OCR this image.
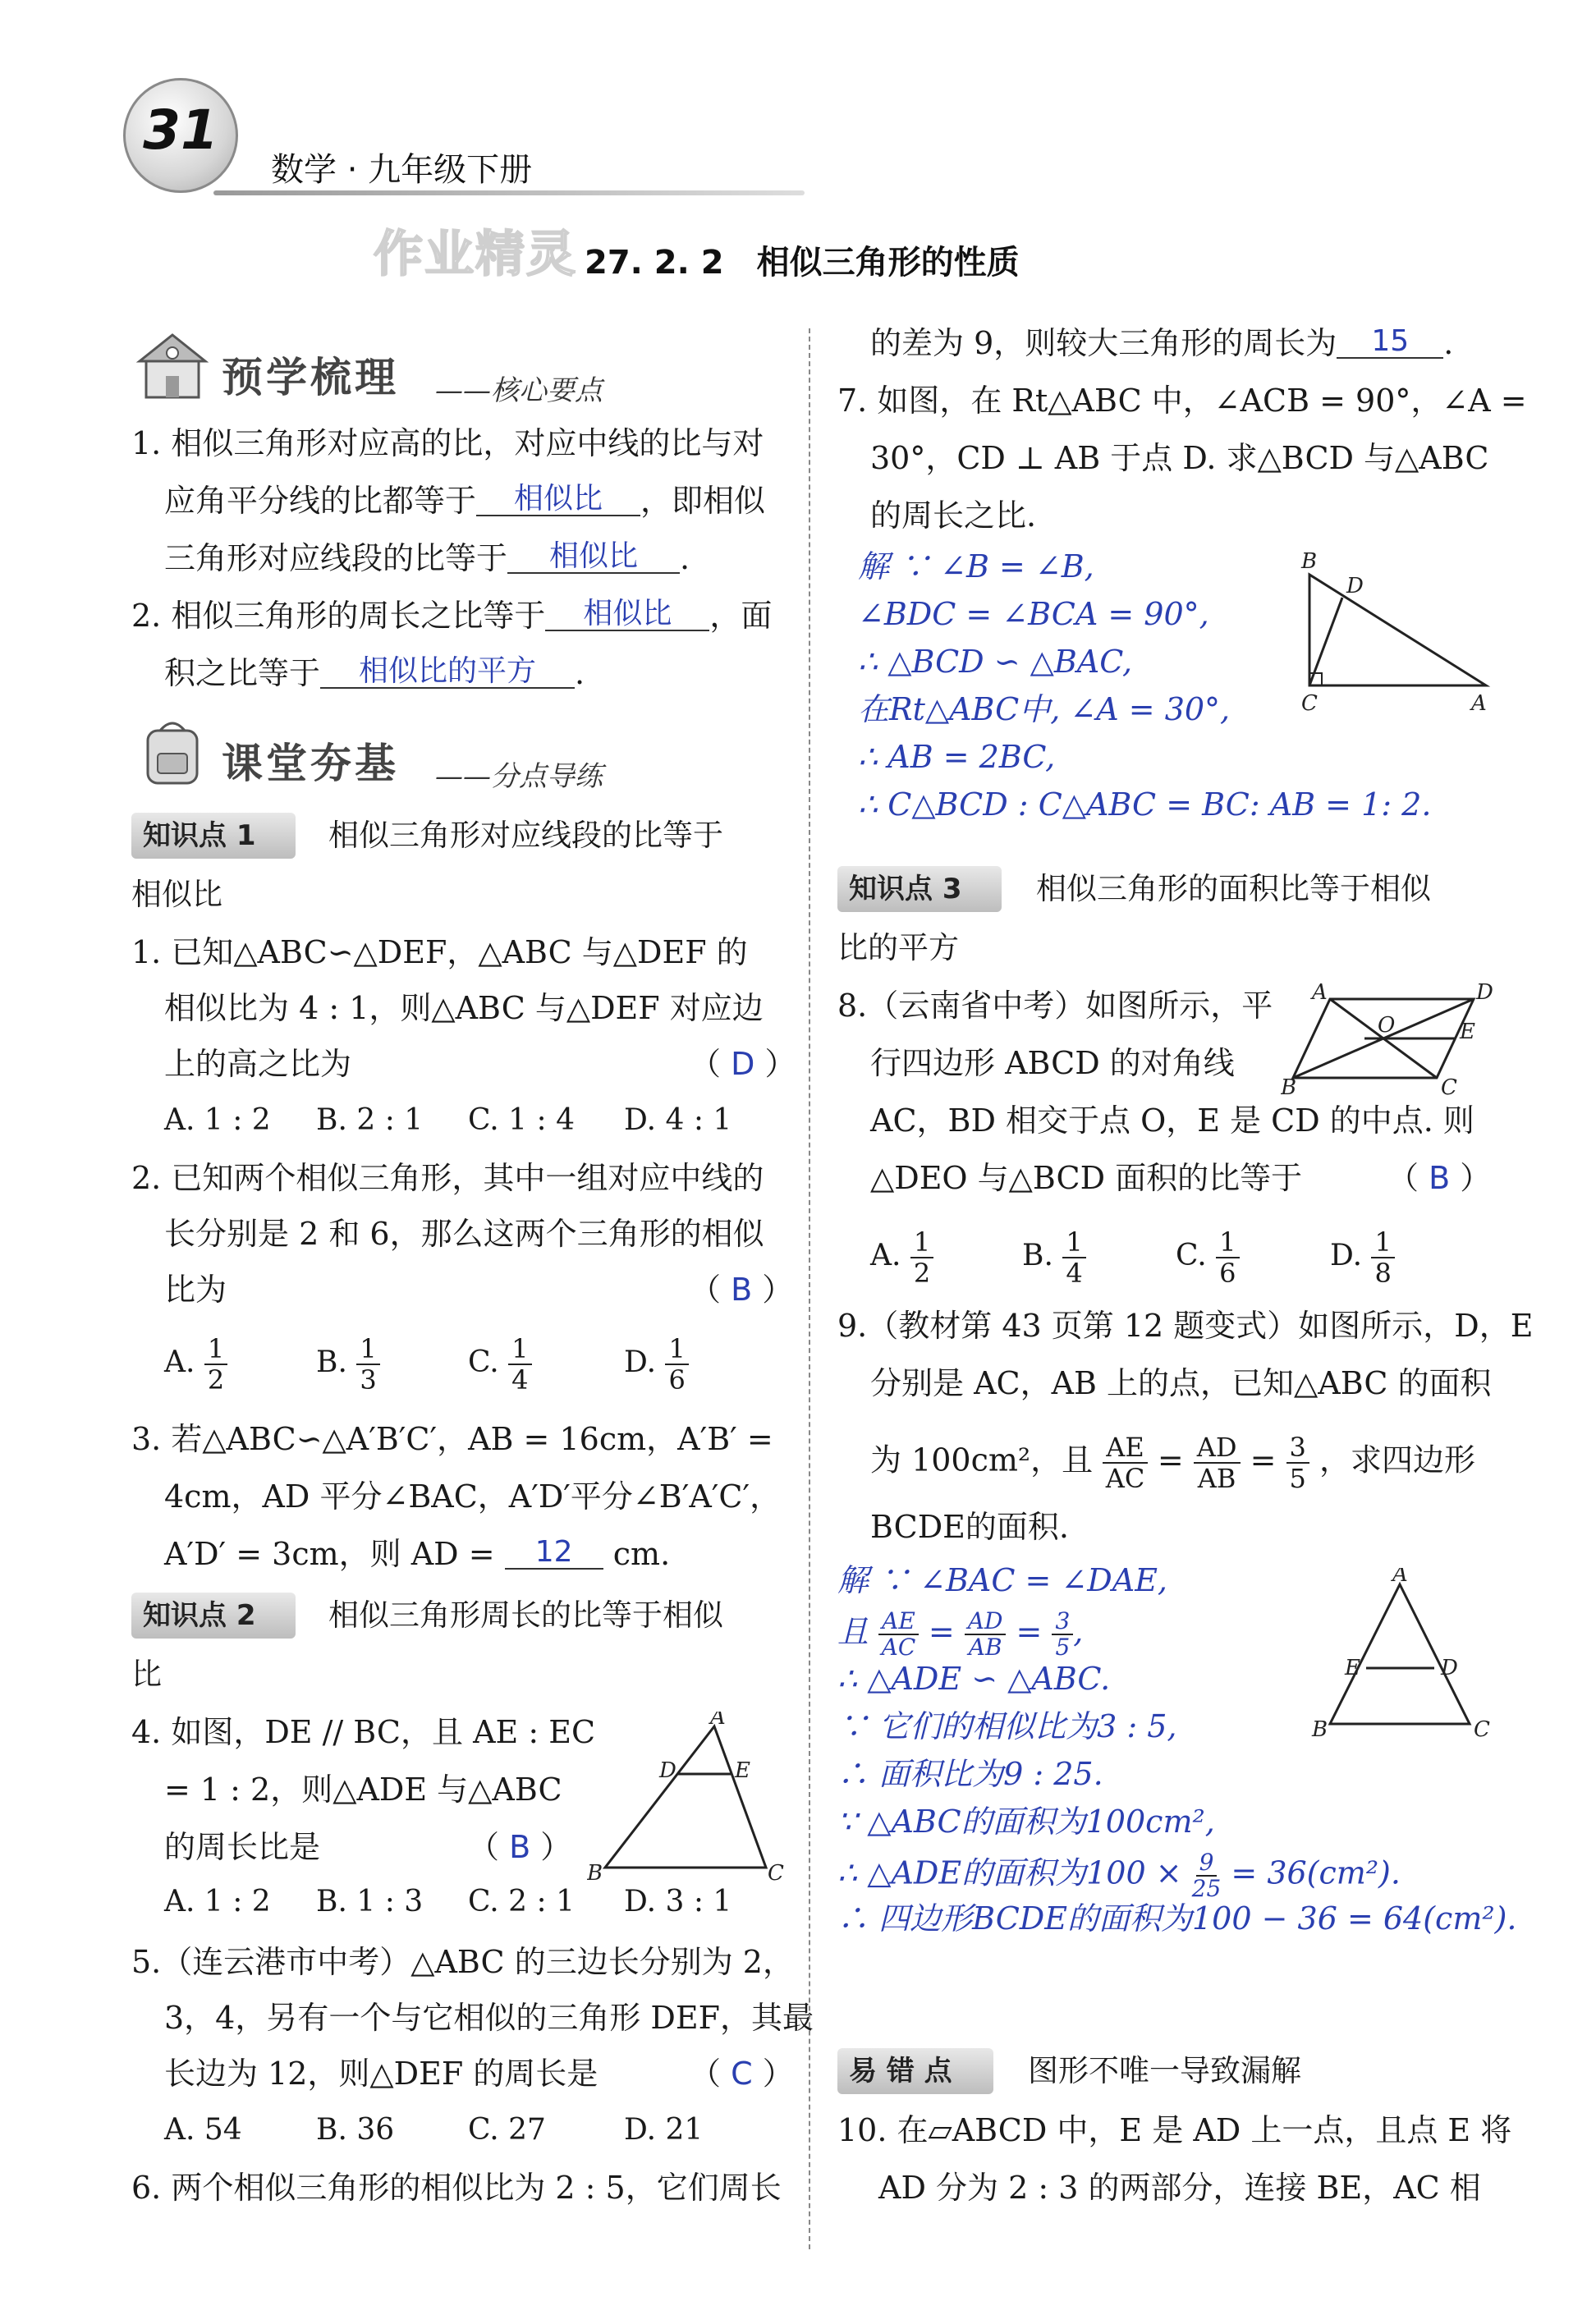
31
数学 · 九年级下册
作业精灵 27. 2. 2　相似三角形的性质
预学梳理 ——核心要点
1. 相似三角形对应高的比，对应中线的比与对
应角平分线的比都等于 相似比 ，即相似
三角形对应线段的比等于 相似比 .
2. 相似三角形的周长之比等于 相似比 ，面
积之比等于 相似比的平方 .
课堂夯基 ——分点导练
知识点 1	相似三角形对应线段的比等于
相似比
1. 已知△ABC∽△DEF，△ABC 与△DEF 的
相似比为 4 : 1，则△ABC 与△DEF 对应边
上的高之比为	（ D ）
A. 1 : 2 B. 2 : 1 C. 1 : 4 D. 4 : 1
2. 已知两个相似三角形，其中一组对应中线的
长分别是 2 和 6，那么这两个三角形的相似
比为	（ B ）
A. $\frac{1}{2}$	B. $\frac{1}{3}$	C. $\frac{1}{4}$	D. $\frac{1}{6}$
3. 若△ABC∽△A′B′C′，AB = 16cm，A′B′ =
4cm，AD 平分∠BAC，A′D′平分∠B′A′C′，
A′D′ = 3cm，则 AD = 12 cm.
知识点 2	相似三角形周长的比等于相似
比
4. 如图，DE // BC，且 AE : EC
= 1 : 2，则△ADE 与△ABC
的周长比是	（ B ）
A
B	C
D	E
A. 1 : 2 B. 1 : 3 C. 2 : 1 D. 3 : 1
5.（连云港市中考）△ABC 的三边长分别为 2，
3，4，另有一个与它相似的三角形 DEF，其最
长边为 12，则△DEF 的周长是	（ C ）
A. 54	B. 36 C. 27	D. 21
6. 两个相似三角形的相似比为 2 : 5，它们周长
的差为 9，则较大三角形的周长为 15 .
7. 如图，在 Rt△ABC 中，∠ACB = 90°，∠A =
30°，CD ⊥ AB 于点 D. 求△BCD 与△ABC
的周长之比.
解 ∵ ∠B = ∠B,
∠BDC = ∠BCA = 90°,
∴ △BCD ∽ △BAC,
在Rt△ABC中, ∠A = 30°,
∴ AB = 2BC,
∴ C△BCD : C△ABC = BC: AB = 1: 2.
B
D
C	A
知识点 3	相似三角形的面积比等于相似
比的平方
8.（云南省中考）如图所示，平
行四边形 ABCD 的对角线
A	D
O	E
B	C
AC，BD 相交于点 O，E 是 CD 的中点. 则
△DEO 与△BCD 面积的比等于	（ B ）
A. $\frac{1}{2}$	B. $\frac{1}{4}$	C. $\frac{1}{6}$	D. $\frac{1}{8}$
9.（教材第 43 页第 12 题变式）如图所示，D，E
分别是 AC，AB 上的点，已知△ABC 的面积
为 100cm²，且 $\frac{AE}{AC} = \frac{AD}{AB} = \frac{3}{5}$ ，求四边形
BCDE的面积.
解 ∵ ∠BAC = ∠DAE,
且 $\frac{AE}{AC} = \frac{AD}{AB} = \frac{3}{5}$ ,
∴ △ADE ∽ △ABC.
∵ 它们的相似比为3 : 5,
∴ 面积比为9 : 25.
∵ △ABC的面积为100cm²,
∴ △ADE的面积为$100 \times \frac{9}{25} = 36(cm^2)$.
∴ 四边形BCDE的面积为100 − 36 = 64(cm²).
A
E	D
B	C
易 错 点	图形不唯一导致漏解
10. 在▱ABCD 中，E 是 AD 上一点，且点 E 将
AD 分为 2 : 3 的两部分，连接 BE，AC 相
